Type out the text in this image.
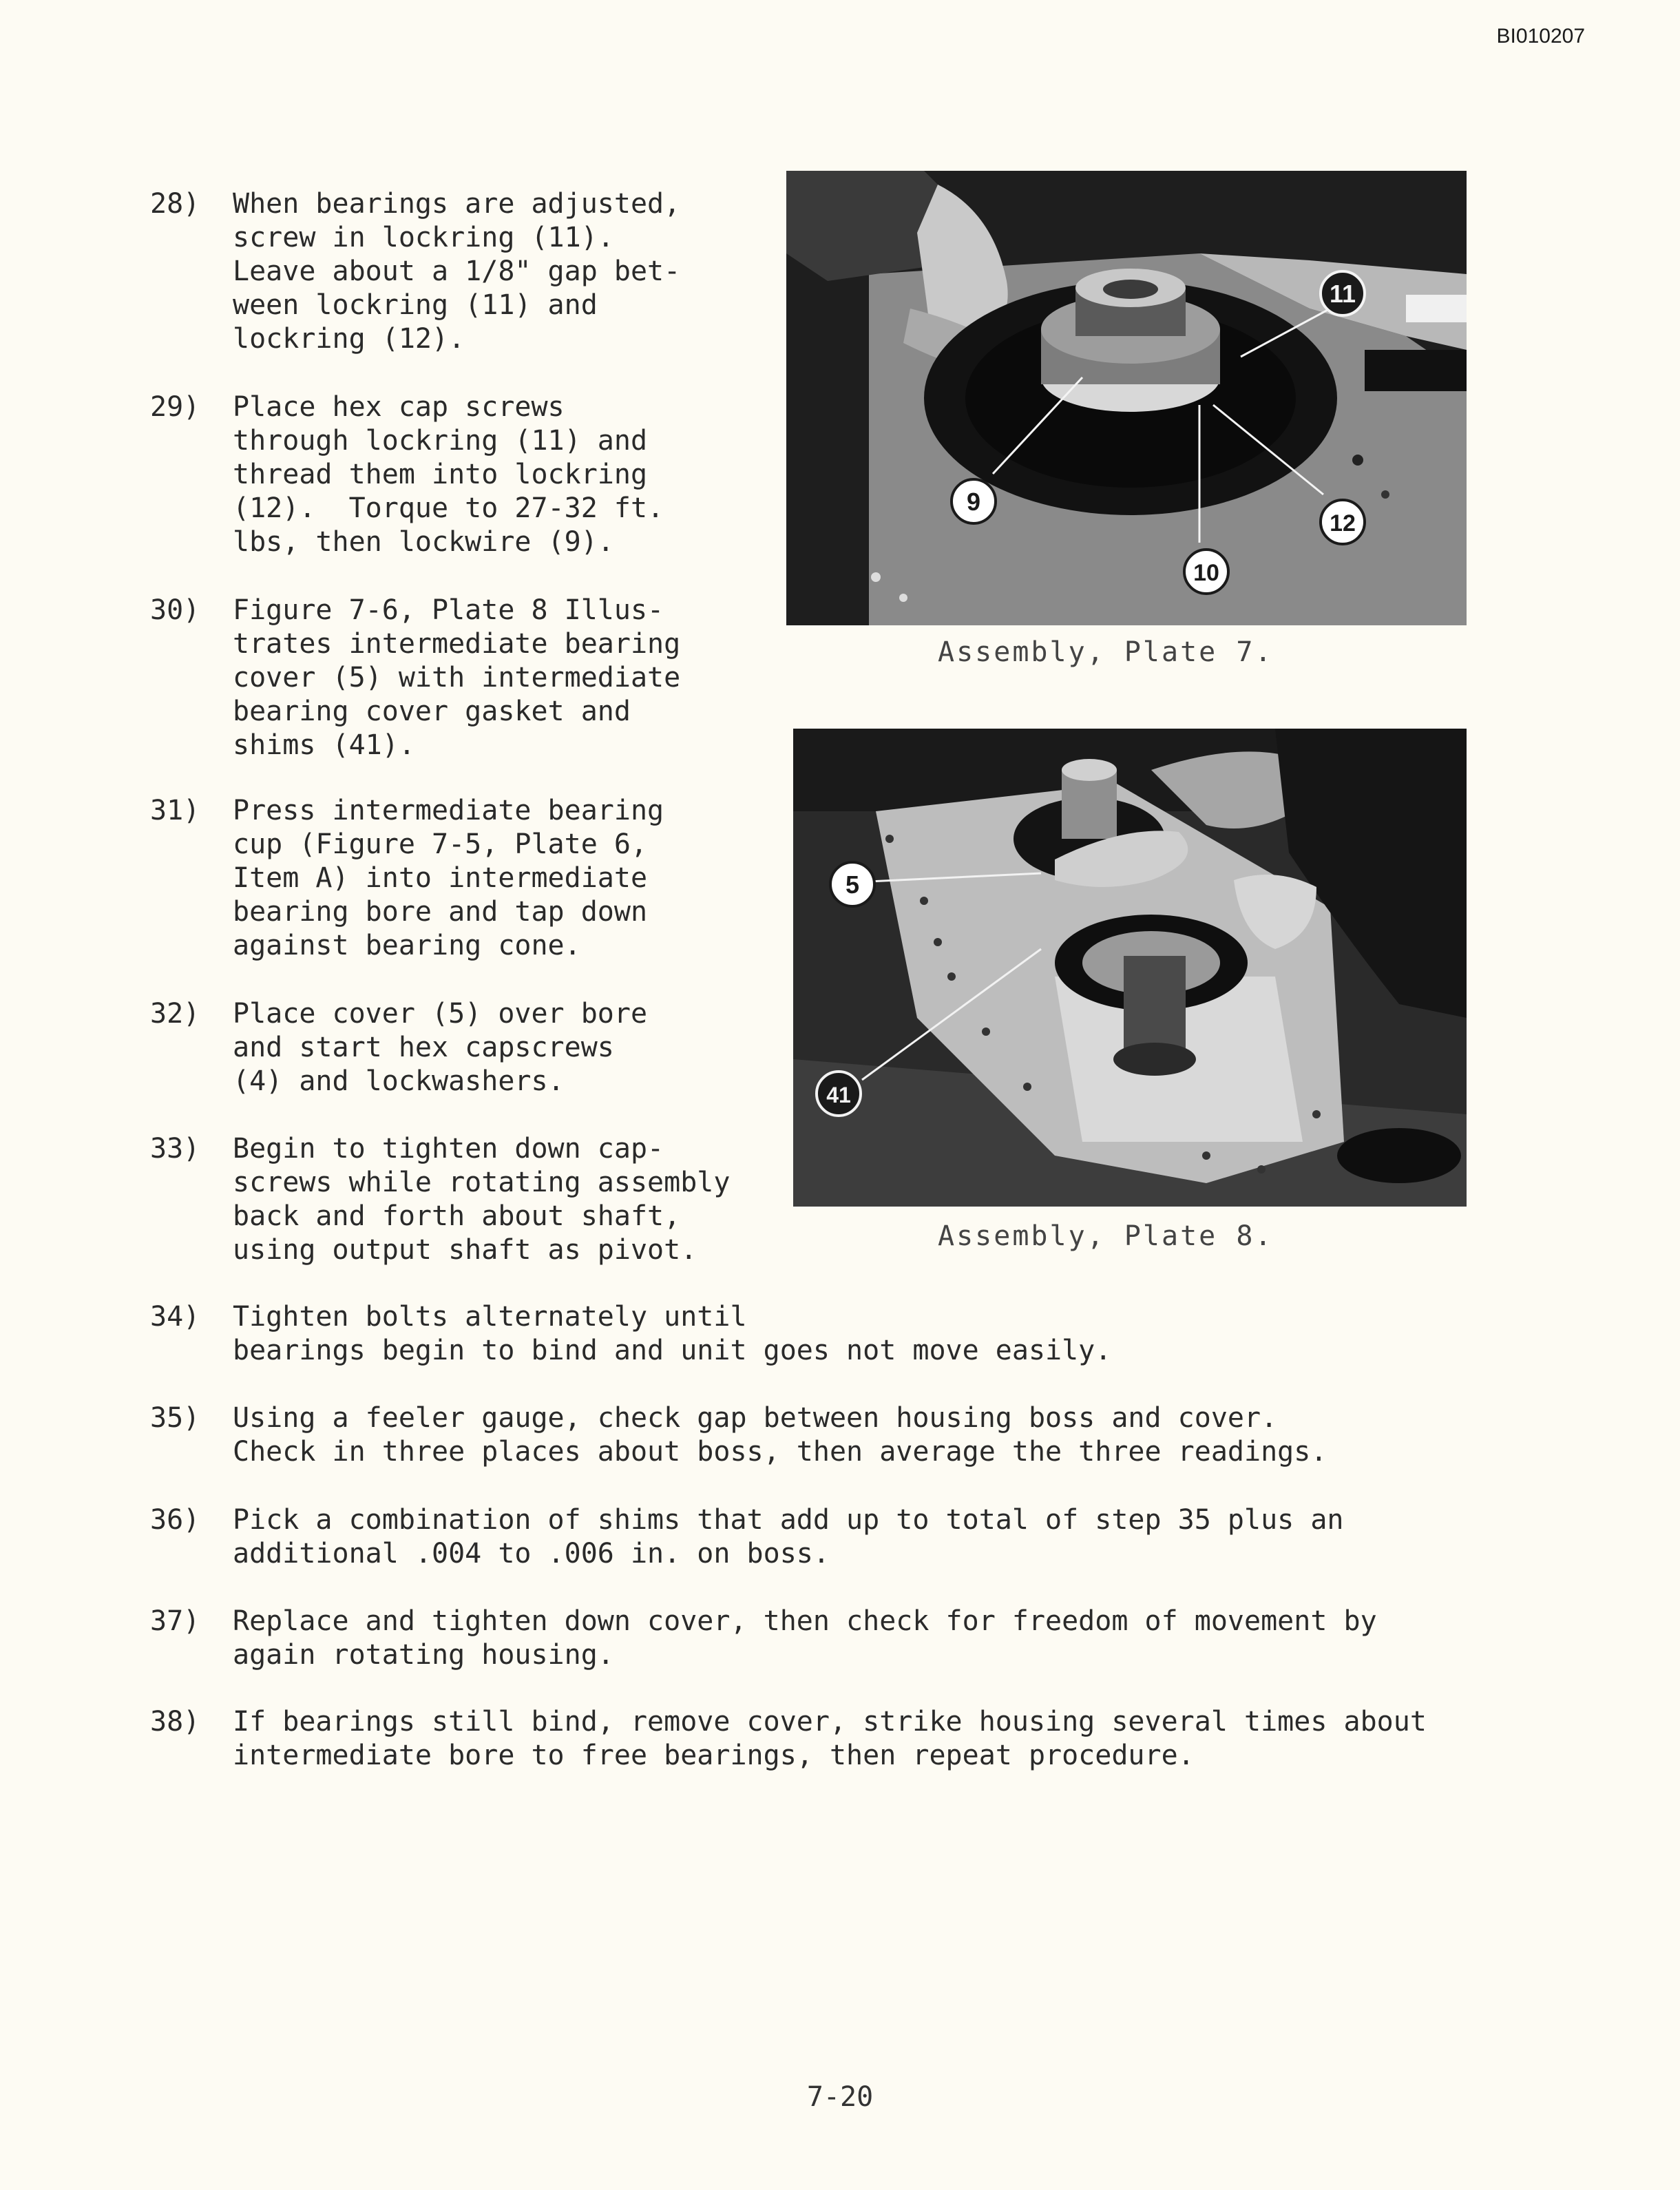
BI010207
28)	When bearings are adjusted,
screw in lockring (11).
Leave about a 1/8" gap bet-
ween lockring (11) and
lockring (12).
29)	Place hex cap screws
through lockring (11) and
thread them into lockring
(12).  Torque to 27-32 ft.
lbs, then lockwire (9).
30)	Figure 7-6, Plate 8 Illus-
trates intermediate bearing
cover (5) with intermediate
bearing cover gasket and
shims (41).
31)	Press intermediate bearing
cup (Figure 7-5, Plate 6,
Item A) into intermediate
bearing bore and tap down
against bearing cone.
32)	Place cover (5) over bore
and start hex capscrews
(4) and lockwashers.
33)	Begin to tighten down cap-
screws while rotating assembly
back and forth about shaft,
using output shaft as pivot.
34)	Tighten bolts alternately until
bearings begin to bind and unit goes not move easily.
35)	Using a feeler gauge, check gap between housing boss and cover.
Check in three places about boss, then average the three readings.
36)	Pick a combination of shims that add up to total of step 35 plus an
additional .004 to .006 in. on boss.
37)	Replace and tighten down cover, then check for freedom of movement by
again rotating housing.
38)	If bearings still bind, remove cover, strike housing several times about
intermediate bore to free bearings, then repeat procedure.
11
9
12
10
Assembly, Plate 7.
5
41
Assembly, Plate 8.
7-20
